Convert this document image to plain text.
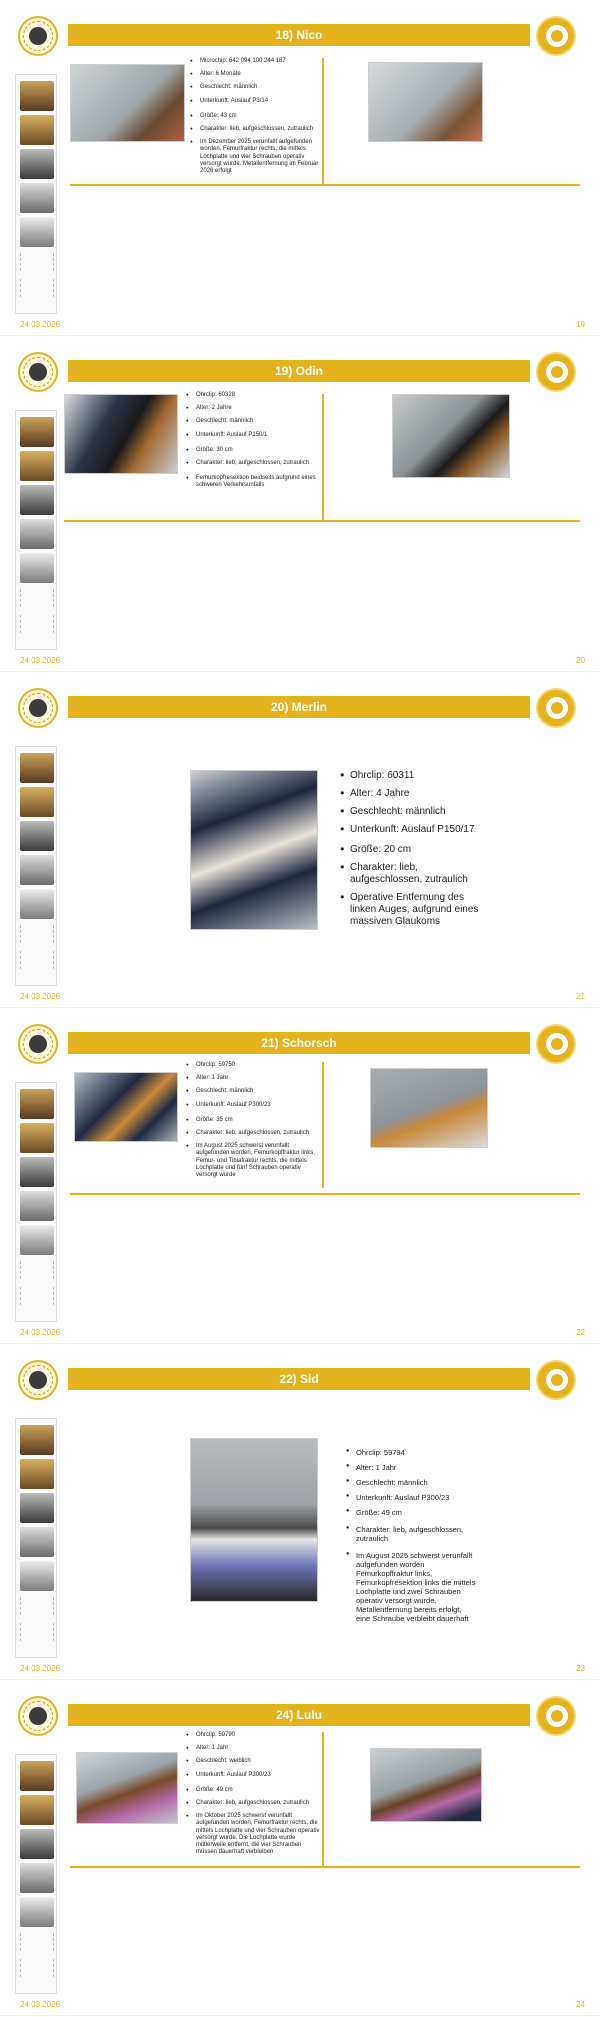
18) Nico
● Microchip: 642 094 100 244 187
● Alter: 6 Monate
● Geschlecht: männlich
● Unterkunft: Auslauf P3/14
● Größe: 43 cm
● Charakter: lieb, aufgeschlossen, zutraulich
● Im Dezember 2025 verunfallt aufgefunden worden, Femurfraktur rechts, die mittels Lochplatte und vier Schrauben operativ versorgt wurde. Metallentfernung im Februar 2026 erfolgt
24.03.2026	19
19) Odin
● Ohrclip: 60328
● Alter: 2 Jahre
● Geschlecht: männlich
● Unterkunft: Auslauf P150/1
● Größe: 30 cm
● Charakter: lieb, aufgeschlossen, zutraulich
● Femurkopfresektion beidseits aufgrund eines schweren Verkehrsunfalls
24.03.2026	20
20) Merlin
● Ohrclip: 60311
● Alter: 4 Jahre
● Geschlecht: männlich
● Unterkunft: Auslauf P150/17
● Größe: 20 cm
● Charakter: lieb, aufgeschlossen, zutraulich
● Operative Entfernung des linken Auges, aufgrund eines massiven Glaukoms
24.03.2026	21
21) Schorsch
● Ohrclip: 59750
● Alter: 1 Jahr
● Geschlecht: männlich
● Unterkunft: Auslauf P300/23
● Größe: 35 cm
● Charakter: lieb, aufgeschlossen, zutraulich
● Im August 2025 schwerst verunfallt aufgefunden worden, Femurkopffraktur links, Femur- und Tibiafraktur rechts, die mittels Lochplatte und fünf Schrauben operativ versorgt wurde
24.03.2026	22
22) Sid
● Ohrclip: 59794
● Alter: 1 Jahr
● Geschlecht: männlich
● Unterkunft: Auslauf P300/23
● Größe: 49 cm
● Charakter: lieb, aufgeschlossen, zutraulich
● Im August 2025 schwerst verunfallt aufgefunden worden Femurkopffraktur links, Femurkopfresektion links die mittels Lochplatte und zwei Schrauben operativ versorgt wurde. Metallentfernung bereits erfolgt, eine Schraube verbleibt dauerhaft
24.03.2026	23
24) Lulu
● Ohrclip: 59790
● Alter: 1 Jahr
● Geschlecht: weiblich
● Unterkunft: Auslauf P300/23
● Größe: 49 cm
● Charakter: lieb, aufgeschlossen, zutraulich
● Im Oktober 2025 schwerst verunfallt aufgefunden worden, Femurfraktur rechts, die mittels Lochplatte und vier Schrauben operativ versorgt wurde. Die Lochplatte wurde mittlerweile entfernt, die vier Schrauben müssen dauerhaft verbleiben
24.03.2026	24
